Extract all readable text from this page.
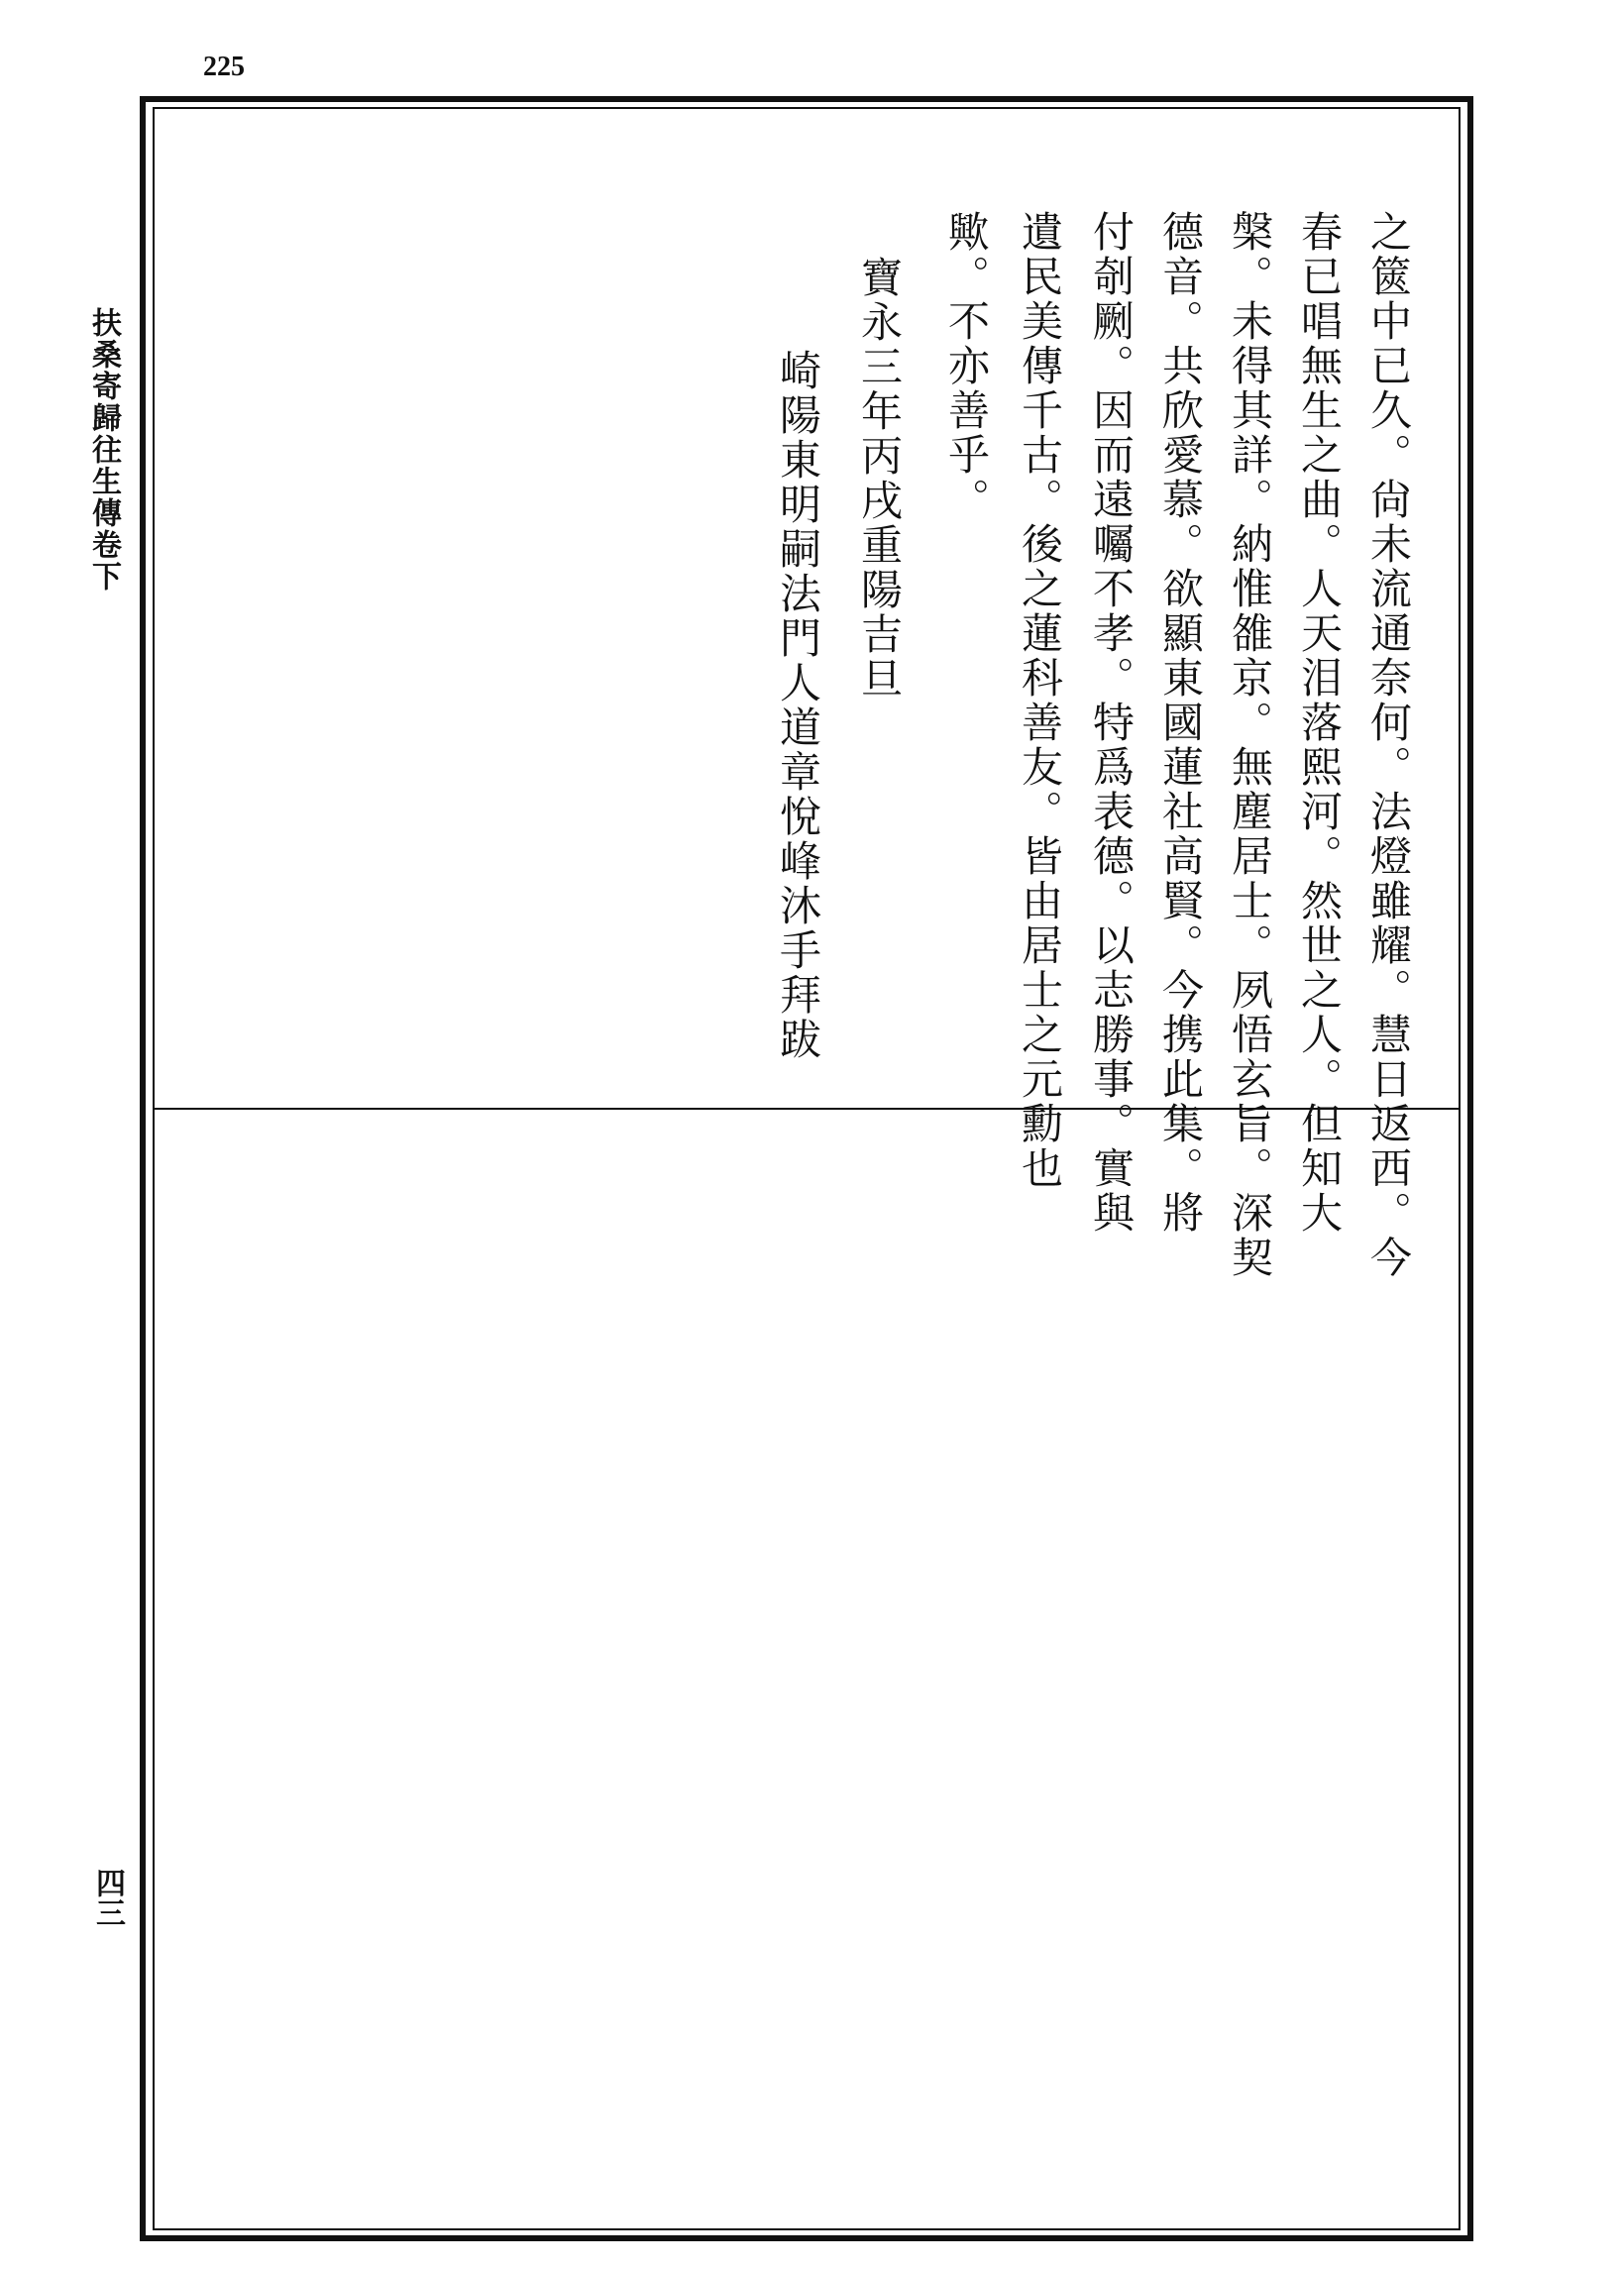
225
扶桑寄歸往生傳卷下
四三
之篋中已久。尙未流通奈何。法燈雖耀。慧日返西。今
春已唱無生之曲。人天泪落熙河。然世之人。但知大
槃。未得其詳。納惟雒京。無塵居士。夙悟玄旨。深契
德音。共欣愛慕。欲顯東國蓮社高賢。今携此集。將
付剞劂。因而遠囑不孝。特爲表德。以志勝事。實與
遺民美傳千古。後之蓮科善友。皆由居士之元勳也
歟。不亦善乎。
寶永三年丙戌重陽吉旦
崎陽東明嗣法門人道章悅峰沐手拜跋
